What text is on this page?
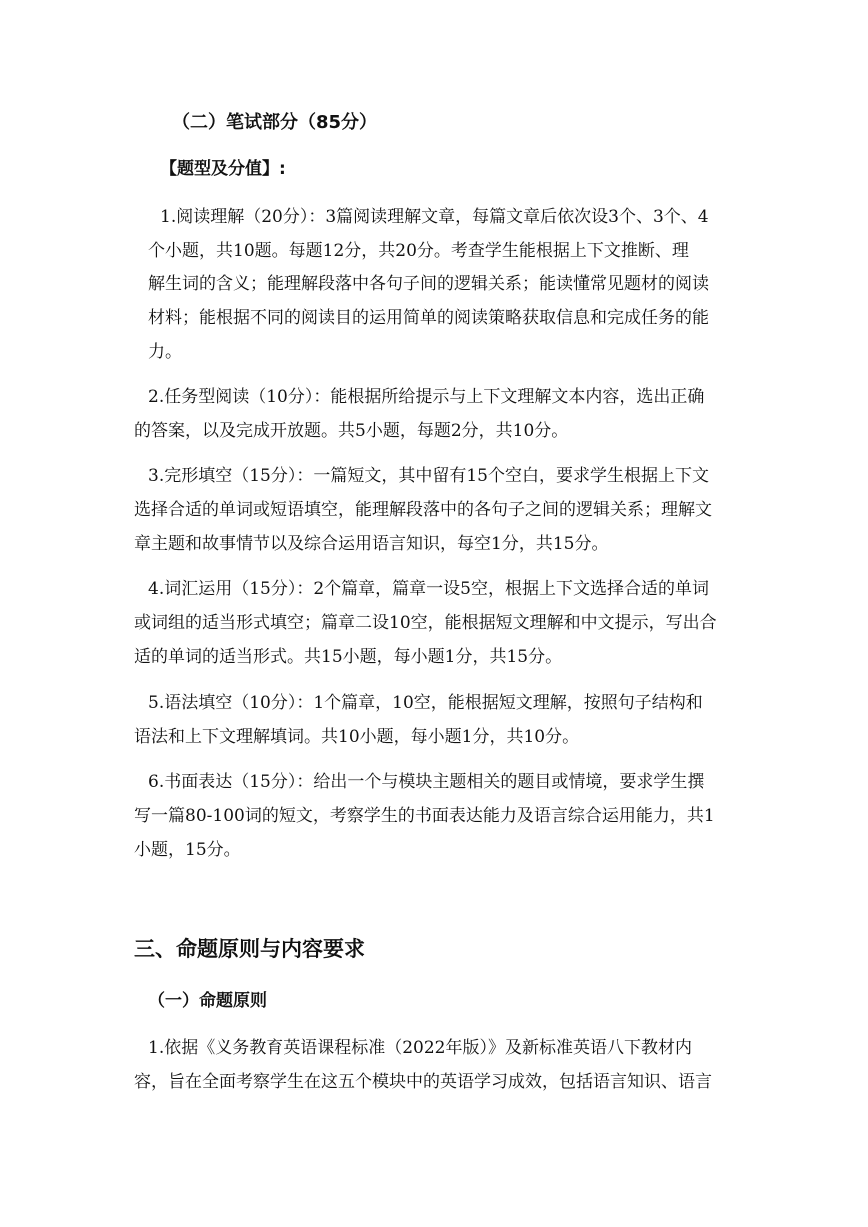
（二）笔试部分（85分）
【题型及分值】:
1.阅读理解（20分）：3篇阅读理解文章，每篇文章后依次设3个、3个、4
个小题，共10题。每题12分，共20分。考查学生能根据上下文推断、理
解生词的含义；能理解段落中各句子间的逻辑关系；能读懂常见题材的阅读
材料；能根据不同的阅读目的运用简单的阅读策略获取信息和完成任务的能
力。
2.任务型阅读（10分）：能根据所给提示与上下文理解文本内容，选出正确
的答案，以及完成开放题。共5小题，每题2分，共10分。
3.完形填空（15分）：一篇短文，其中留有15个空白，要求学生根据上下文
选择合适的单词或短语填空，能理解段落中的各句子之间的逻辑关系；理解文
章主题和故事情节以及综合运用语言知识，每空1分，共15分。
4.词汇运用（15分）：2个篇章，篇章一设5空，根据上下文选择合适的单词
或词组的适当形式填空；篇章二设10空，能根据短文理解和中文提示，写出合
适的单词的适当形式。共15小题，每小题1分，共15分。
5.语法填空（10分）：1个篇章，10空，能根据短文理解，按照句子结构和
语法和上下文理解填词。共10小题，每小题1分，共10分。
6.书面表达（15分）：给出一个与模块主题相关的题目或情境，要求学生撰
写一篇80-100词的短文，考察学生的书面表达能力及语言综合运用能力，共1
小题，15分。
三、命题原则与内容要求
（一）命题原则
1.依据《义务教育英语课程标准（2022年版）》及新标准英语八下教材内
容，旨在全面考察学生在这五个模块中的英语学习成效，包括语言知识、语言
